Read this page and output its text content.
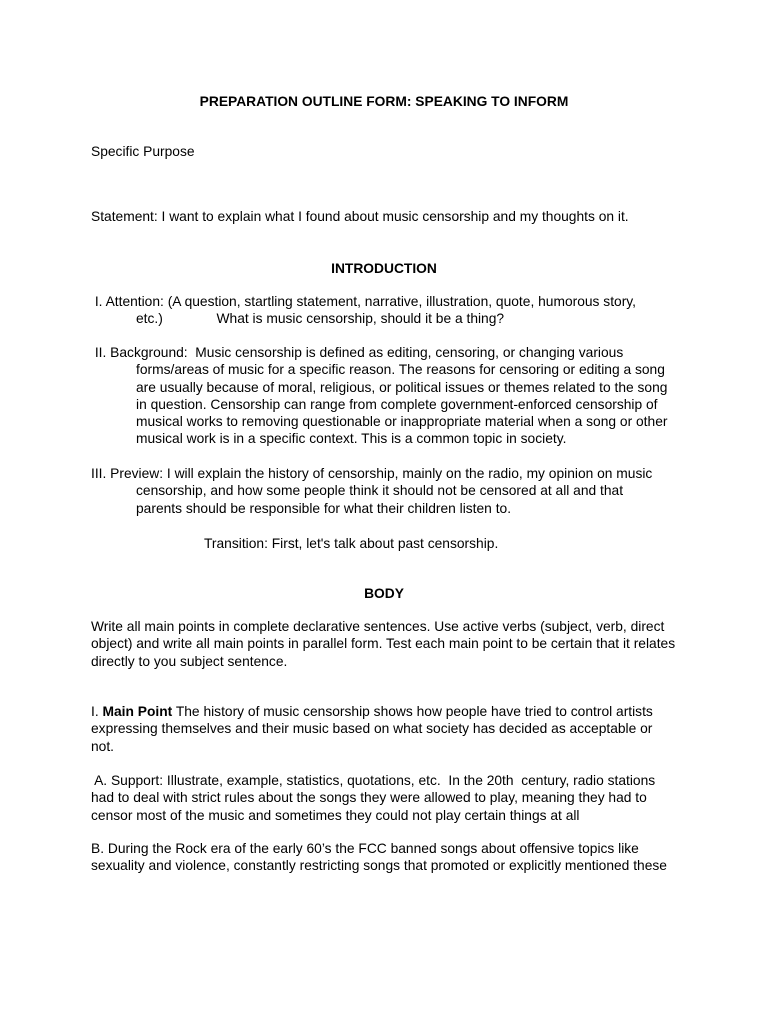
PREPARATION OUTLINE FORM: SPEAKING TO INFORM

Specific Purpose

Statement: I want to explain what I found about music censorship and my thoughts on it.

INTRODUCTION

I. Attention: (A question, startling statement, narrative, illustration, quote, humorous story,
etc.)              What is music censorship, should it be a thing?
II. Background:  Music censorship is defined as editing, censoring, or changing various
forms/areas of music for a specific reason. The reasons for censoring or editing a song
are usually because of moral, religious, or political issues or themes related to the song
in question. Censorship can range from complete government-enforced censorship of
musical works to removing questionable or inappropriate material when a song or other
musical work is in a specific context. This is a common topic in society.
III. Preview: I will explain the history of censorship, mainly on the radio, my opinion on music
censorship, and how some people think it should not be censored at all and that
parents should be responsible for what their children listen to.

Transition: First, let's talk about past censorship.

BODY

Write all main points in complete declarative sentences. Use active verbs (subject, verb, direct
object) and write all main points in parallel form. Test each main point to be certain that it relates
directly to you subject sentence.
I. Main Point The history of music censorship shows how people have tried to control artists
expressing themselves and their music based on what society has decided as acceptable or
not.
A. Support: Illustrate, example, statistics, quotations, etc.  In the 20th  century, radio stations
had to deal with strict rules about the songs they were allowed to play, meaning they had to
censor most of the music and sometimes they could not play certain things at all
B. During the Rock era of the early 60’s the FCC banned songs about offensive topics like
sexuality and violence, constantly restricting songs that promoted or explicitly mentioned these
